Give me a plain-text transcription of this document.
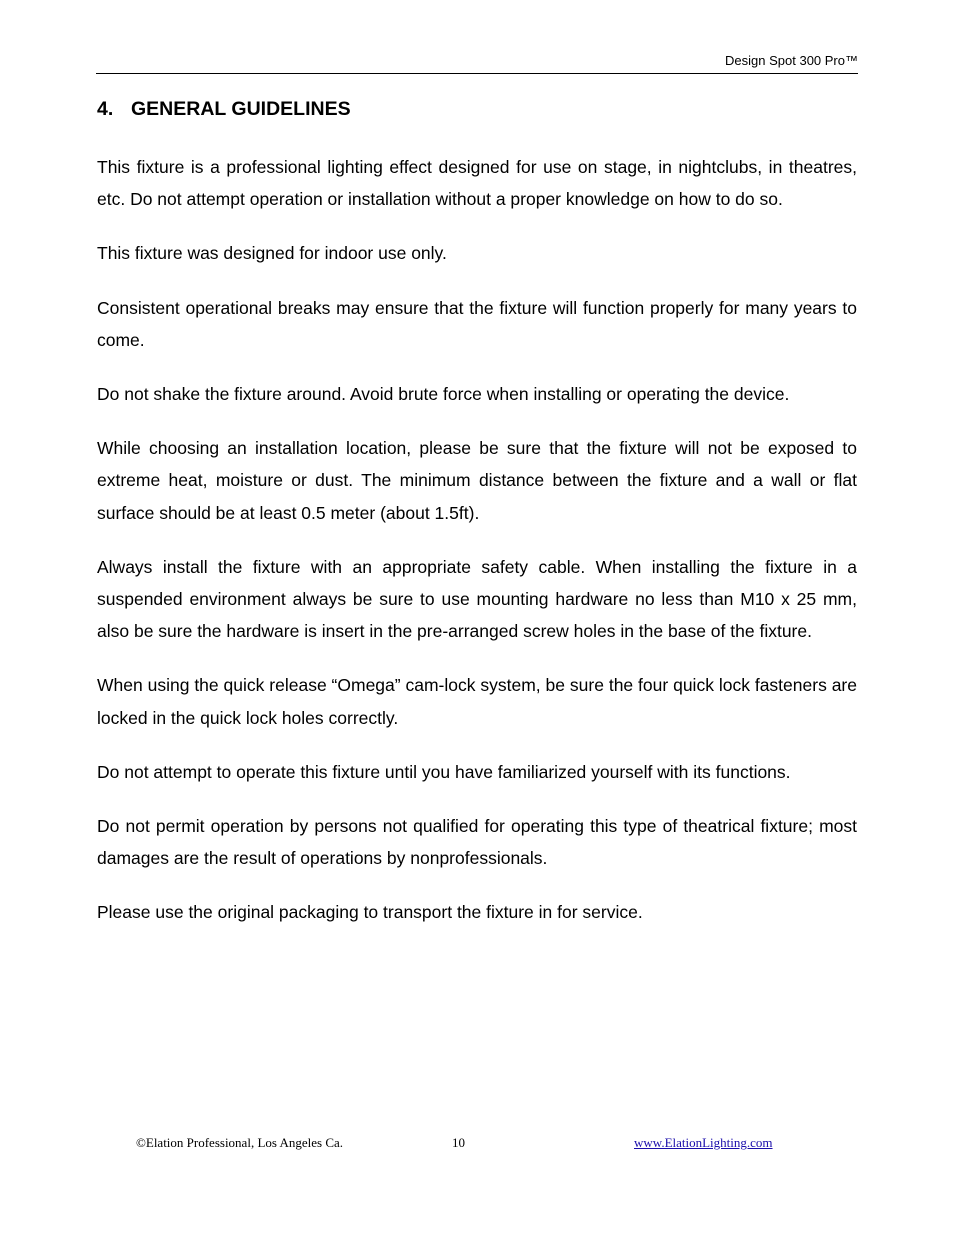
Design Spot 300 Pro™
4. GENERAL GUIDELINES

This fixture is a professional lighting effect designed for use on stage, in nightclubs, in theatres, etc. Do not attempt operation or installation without a proper knowledge on how to do so.

This fixture was designed for indoor use only.

Consistent operational breaks may ensure that the fixture will function properly for many years to come.

Do not shake the fixture around. Avoid brute force when installing or operating the device.

While choosing an installation location, please be sure that the fixture will not be exposed to extreme heat, moisture or dust. The minimum distance between the fixture and a wall or flat surface should be at least 0.5 meter (about 1.5ft).

Always install the fixture with an appropriate safety cable. When installing the fixture in a suspended environment always be sure to use mounting hardware no less than M10 x 25 mm, also be sure the hardware is insert in the pre-arranged screw holes in the base of the fixture.

When using the quick release “Omega” cam-lock system, be sure the four quick lock fasteners are locked in the quick lock holes correctly.

Do not attempt to operate this fixture until you have familiarized yourself with its functions.

Do not permit operation by persons not qualified for operating this type of theatrical fixture; most damages are the result of operations by nonprofessionals.

Please use the original packaging to transport the fixture in for service.

©Elation Professional, Los Angeles Ca.	10	www.ElationLighting.com
